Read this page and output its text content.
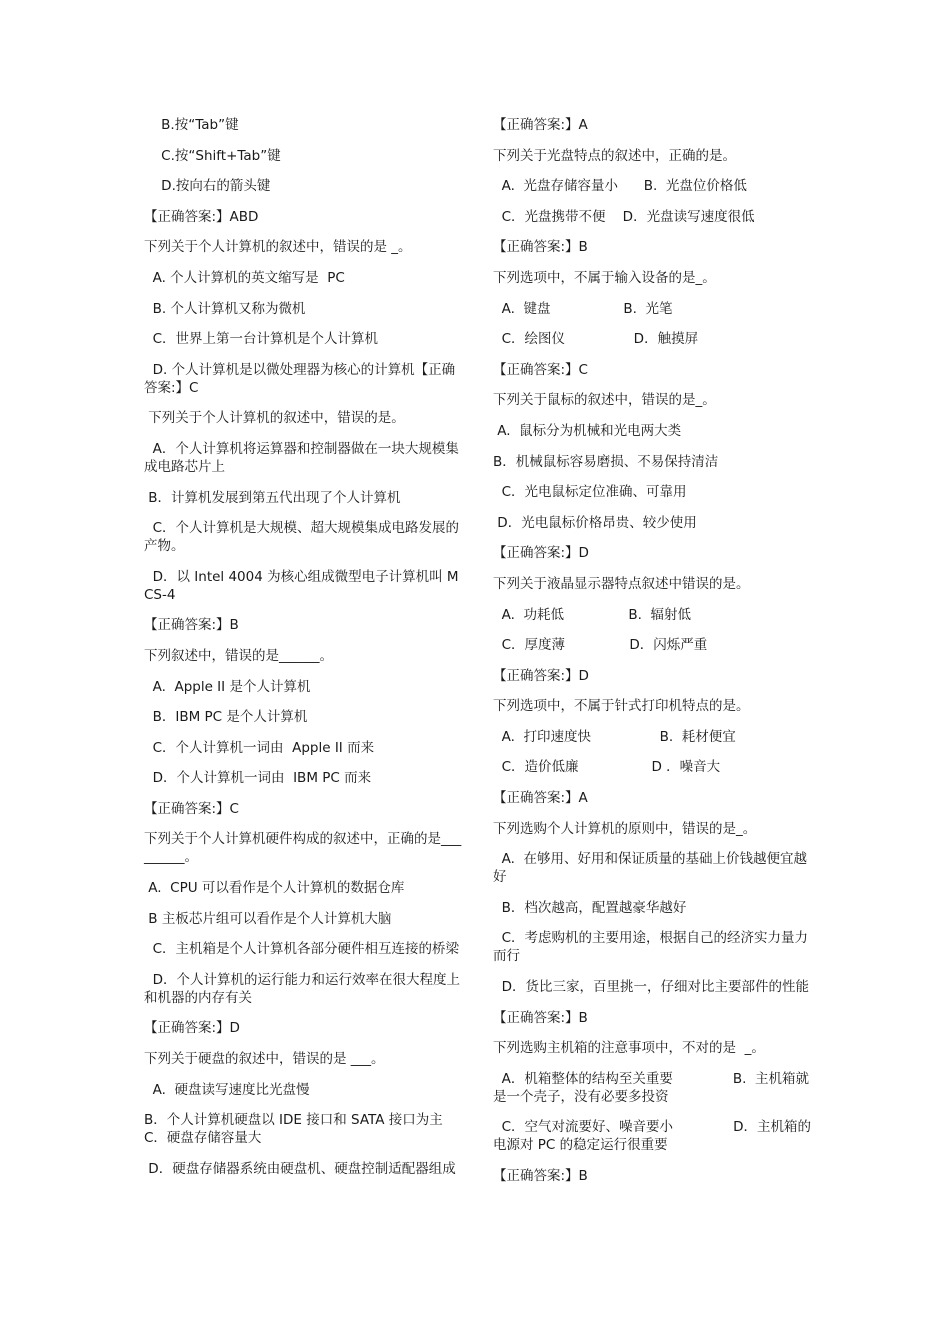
B.按“Tab”键
C.按“Shift+Tab”键
D.按向右的箭头键
【正确答案:】ABD
下列关于个人计算机的叙述中，错误的是 _。
A. 个人计算机的英文缩写是  PC
B. 个人计算机又称为微机
C．世界上第一台计算机是个人计算机
D. 个人计算机是以微处理器为核心的计算机【正确答案:】C
下列关于个人计算机的叙述中，错误的是。
A．个人计算机将运算器和控制器做在一块大规模集成电路芯片上
B．计算机发展到第五代出现了个人计算机
C．个人计算机是大规模、超大规模集成电路发展的产物。
D．以 Intel 4004 为核心组成微型电子计算机叫 MCS-4
【正确答案:】B
下列叙述中，错误的是______。
A.  Apple II 是个人计算机
B．IBM PC 是个人计算机
C．个人计算机一词由  Apple II 而来
D．个人计算机一词由  IBM PC 而来
【正确答案:】C
下列关于个人计算机硬件构成的叙述中，正确的是_________。
A.  CPU 可以看作是个人计算机的数据仓库
B 主板芯片组可以看作是个人计算机大脑
C．主机箱是个人计算机各部分硬件相互连接的桥梁
D．个人计算机的运行能力和运行效率在很大程度上和机器的内存有关
【正确答案:】D
下列关于硬盘的叙述中，错误的是 ___。
A.  硬盘读写速度比光盘慢
B．个人计算机硬盘以 IDE 接口和 SATA 接口为主C．硬盘存储容量大
D．硬盘存储器系统由硬盘机、硬盘控制适配器组成
【正确答案:】A
下列关于光盘特点的叙述中，正确的是。
A.  光盘存储容量小      B.  光盘位价格低
C．光盘携带不便    D．光盘读写速度很低
【正确答案:】B
下列选项中，不属于输入设备的是_。
A.  键盘                 B.  光笔
C．绘图仪                D．触摸屏
【正确答案:】C
下列关于鼠标的叙述中，错误的是_。
A.  鼠标分为机械和光电两大类
B．机械鼠标容易磨损、不易保持清洁
C．光电鼠标定位准确、可靠用
D．光电鼠标价格昂贵、较少使用
【正确答案:】D
下列关于液晶显示器特点叙述中错误的是。
A.  功耗低               B.  辐射低
C．厚度薄               D．闪烁严重
【正确答案:】D
下列选项中，不属于针式打印机特点的是。
A.  打印速度快                B.  耗材便宜
C．造价低廉                 D ．噪音大
【正确答案:】A
下列选购个人计算机的原则中，错误的是_。
A.  在够用、好用和保证质量的基础上价钱越便宜越好
B．档次越高，配置越豪华越好
C．考虑购机的主要用途，根据自己的经济实力量力而行
D．货比三家，百里挑一，仔细对比主要部件的性能
【正确答案:】B
下列选购主机箱的注意事项中，不对的是  _。
A．机箱整体的结构至关重要              B.  主机箱就是一个壳子，没有必要多投资
C．空气对流要好、噪音要小              D．主机箱的电源对 PC 的稳定运行很重要
【正确答案:】B
